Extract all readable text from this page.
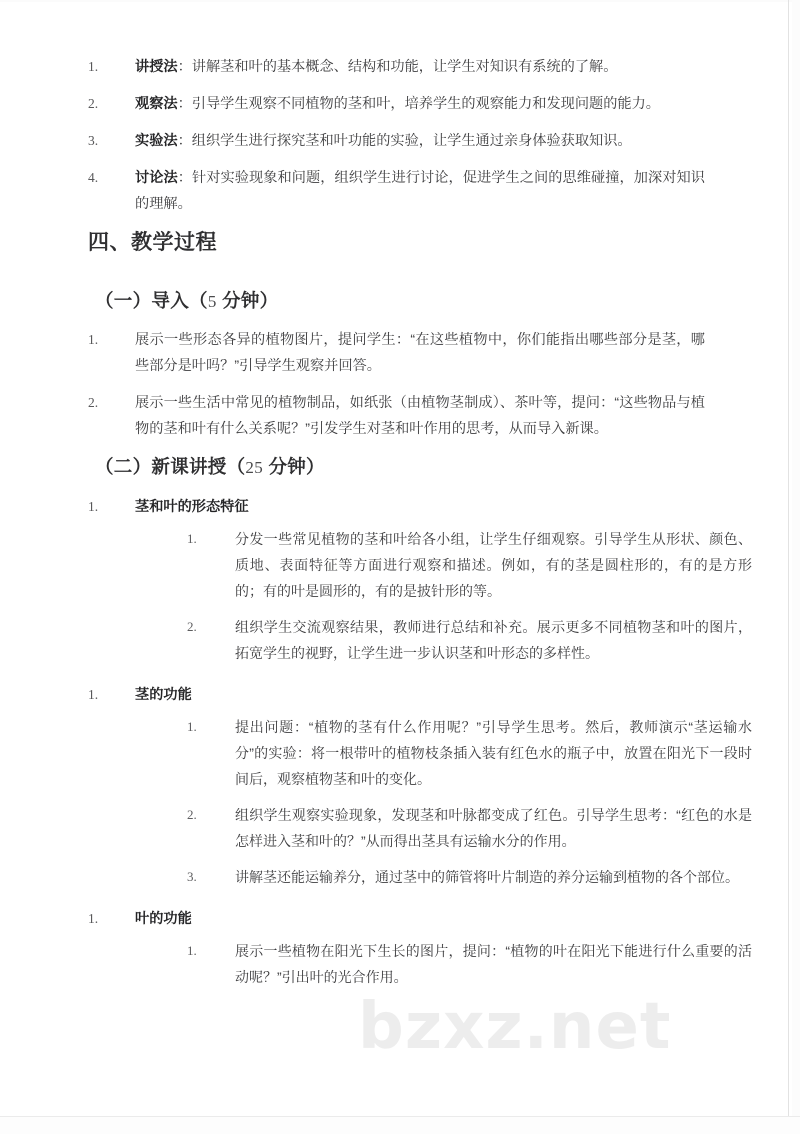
1.	讲授法：讲解茎和叶的基本概念、结构和功能，让学生对知识有系统的了解。
2.	观察法：引导学生观察不同植物的茎和叶，培养学生的观察能力和发现问题的能力。
3.	实验法：组织学生进行探究茎和叶功能的实验，让学生通过亲身体验获取知识。
4.	讨论法：针对实验现象和问题，组织学生进行讨论，促进学生之间的思维碰撞，加深对知识的理解。
四、教学过程
（一）导入（5 分钟）
1.	展示一些形态各异的植物图片，提问学生：“在这些植物中，你们能指出哪些部分是茎，哪些部分是叶吗？”引导学生观察并回答。
2.	展示一些生活中常见的植物制品，如纸张（由植物茎制成）、茶叶等，提问：“这些物品与植物的茎和叶有什么关系呢？”引发学生对茎和叶作用的思考，从而导入新课。
（二）新课讲授（25 分钟）
1.	茎和叶的形态特征
1.	分发一些常见植物的茎和叶给各小组，让学生仔细观察。引导学生从形状、颜色、质地、表面特征等方面进行观察和描述。例如，有的茎是圆柱形的，有的是方形的；有的叶是圆形的，有的是披针形的等。
2.	组织学生交流观察结果，教师进行总结和补充。展示更多不同植物茎和叶的图片，拓宽学生的视野，让学生进一步认识茎和叶形态的多样性。
1.	茎的功能
1.	提出问题：“植物的茎有什么作用呢？”引导学生思考。然后，教师演示“茎运输水分”的实验：将一根带叶的植物枝条插入装有红色水的瓶子中，放置在阳光下一段时间后，观察植物茎和叶的变化。
2.	组织学生观察实验现象，发现茎和叶脉都变成了红色。引导学生思考：“红色的水是怎样进入茎和叶的？”从而得出茎具有运输水分的作用。
3.	讲解茎还能运输养分，通过茎中的筛管将叶片制造的养分运输到植物的各个部位。
1.	叶的功能
1.	展示一些植物在阳光下生长的图片，提问：“植物的叶在阳光下能进行什么重要的活动呢？”引出叶的光合作用。
bzxz.net
